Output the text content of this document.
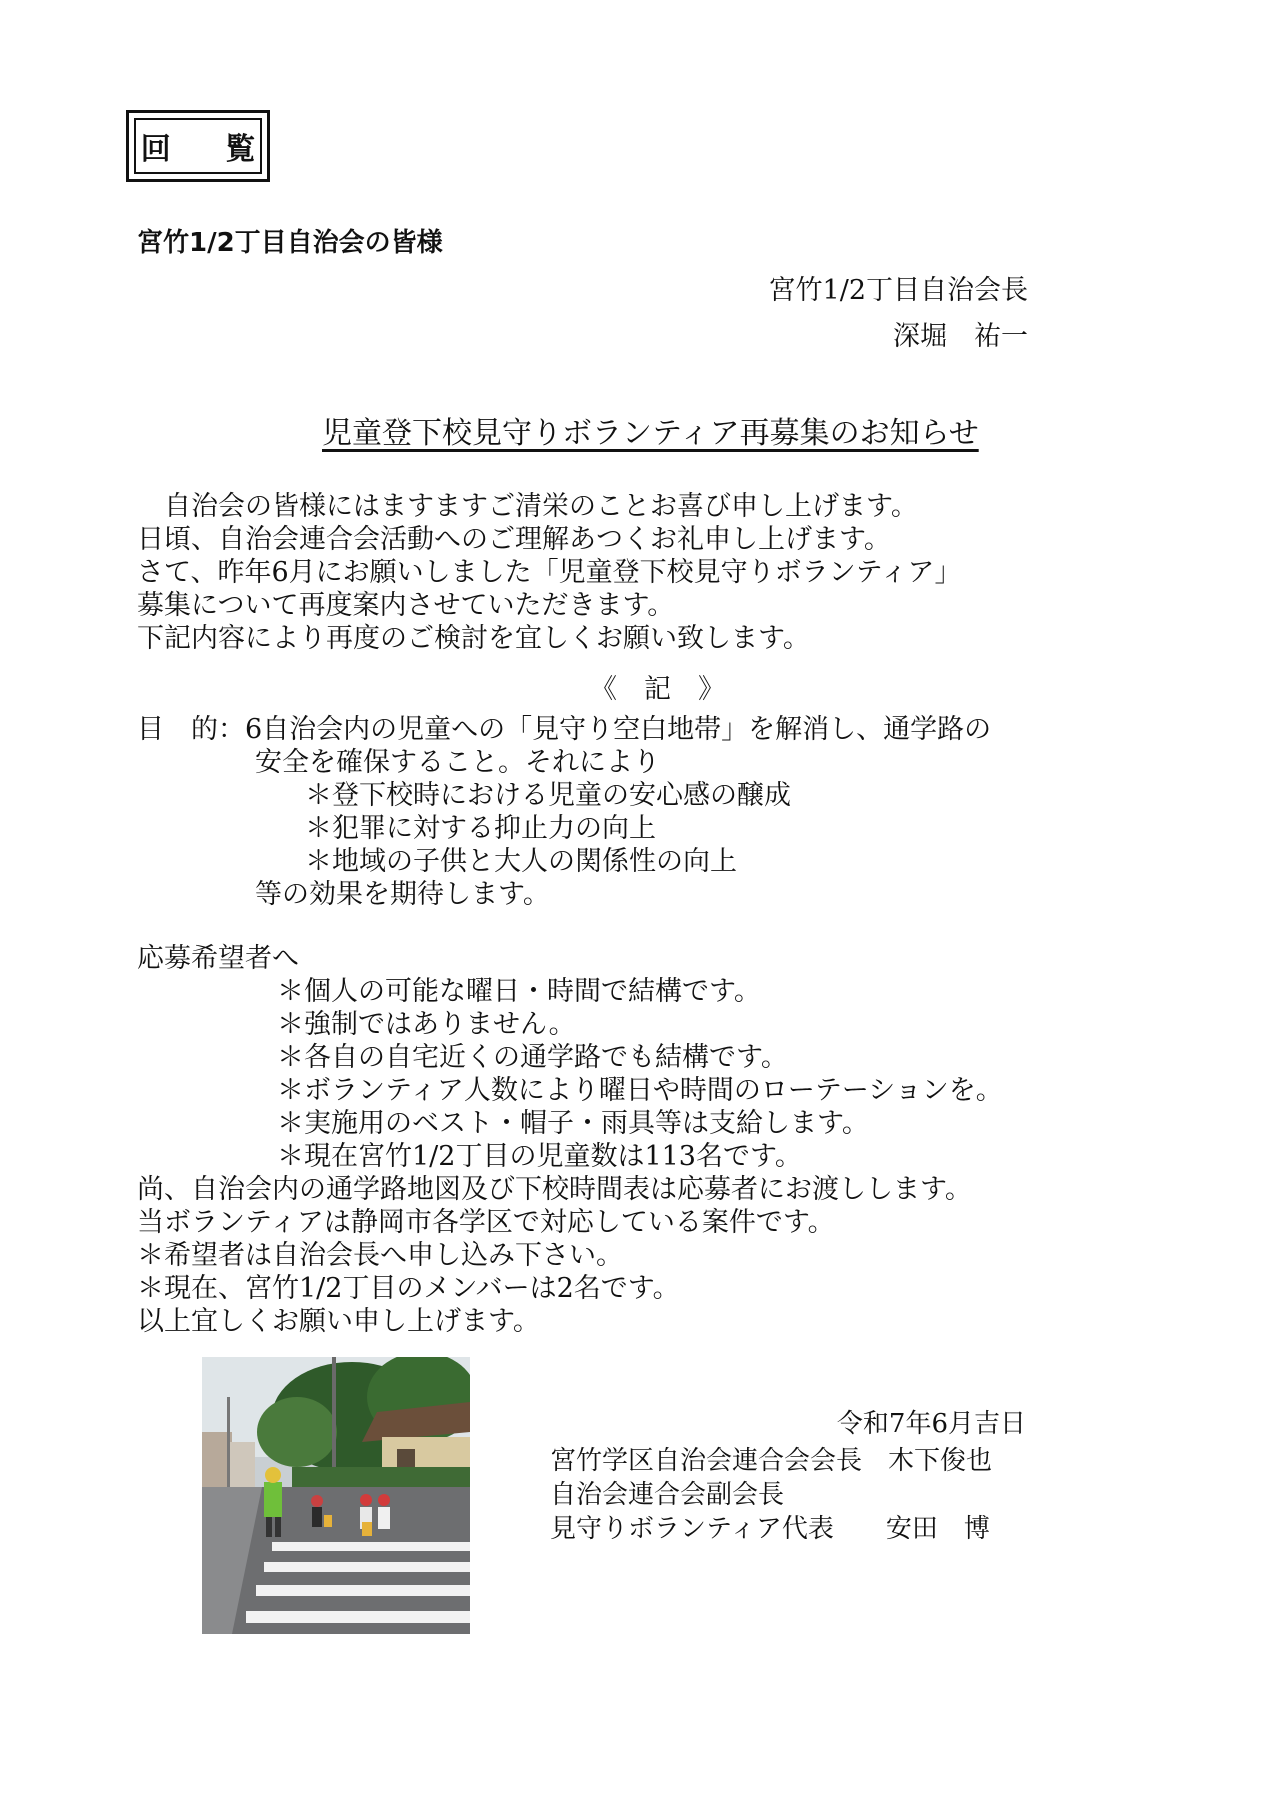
回 覧
宮竹1/2丁目自治会の皆様
宮竹1/2丁目自治会長
深堀　祐一
児童登下校見守りボランティア再募集のお知らせ
　自治会の皆様にはますますご清栄のことお喜び申し上げます。
日頃、自治会連合会活動へのご理解あつくお礼申し上げます。
さて、昨年6月にお願いしました「児童登下校見守りボランティア」
募集について再度案内させていただきます。
下記内容により再度のご検討を宜しくお願い致します。
《　記　》
目　的：6自治会内の児童への「見守り空白地帯」を解消し、通学路の
安全を確保すること。それにより
＊登下校時における児童の安心感の醸成
＊犯罪に対する抑止力の向上
＊地域の子供と大人の関係性の向上
等の効果を期待します。
応募希望者へ
＊個人の可能な曜日・時間で結構です。
＊強制ではありません。
＊各自の自宅近くの通学路でも結構です。
＊ボランティア人数により曜日や時間のローテーションを。
＊実施用のベスト・帽子・雨具等は支給します。
＊現在宮竹1/2丁目の児童数は113名です。
尚、自治会内の通学路地図及び下校時間表は応募者にお渡しします。
当ボランティアは静岡市各学区で対応している案件です。
＊希望者は自治会長へ申し込み下さい。
＊現在、宮竹1/2丁目のメンバーは2名です。
以上宜しくお願い申し上げます。
令和7年6月吉日
宮竹学区自治会連合会会長　木下俊也
自治会連合会副会長
見守りボランティア代表　　安田　博
